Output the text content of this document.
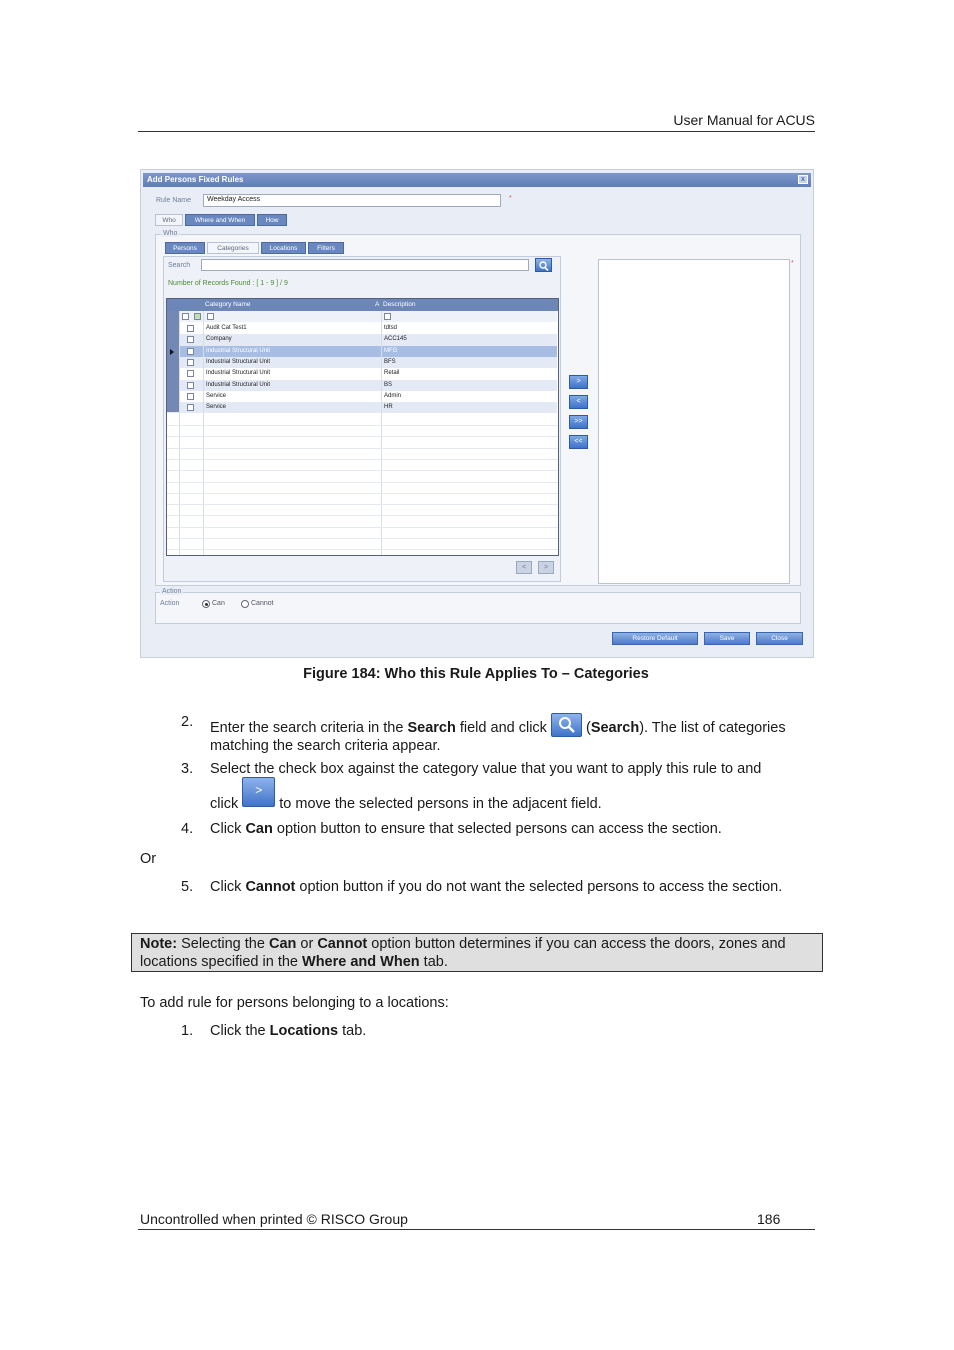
User Manual for ACUS
Add Persons Fixed Rules	x
Rule Name	Weekday Access	*
Who	Where and When	How
Who
Persons	Categories	Locations	Filters
Search
Number of Records Found : [ 1 - 9 ] / 9
Category Name	A Description
Audit Cat Test1	tdtsd
Company	ACC145
Industrial Structural Unit	MFG
Industrial Structural Unit	BFS
Industrial Structural Unit	Retail
Industrial Structural Unit	BS
Service	Admin
Service	HR
<	>
>
<
>>
<<
*
Action
Action	Can	Cannot
Restore Default	Save	Close
Figure 184: Who this Rule Applies To – Categories
2. Enter the search criteria in the Search field and click  (Search). The list of categories matching the search criteria appear.
3. Select the check box against the category value that you want to apply this rule to and
click > to move the selected persons in the adjacent field.
4. Click Can option button to ensure that selected persons can access the section.
Or
5. Click Cannot option button if you do not want the selected persons to access the section.
Note: Selecting the Can or Cannot option button determines if you can access the doors, zones and locations specified in the Where and When tab.
To add rule for persons belonging to a locations:
1. Click the Locations tab.
Uncontrolled when printed © RISCO Group	186
